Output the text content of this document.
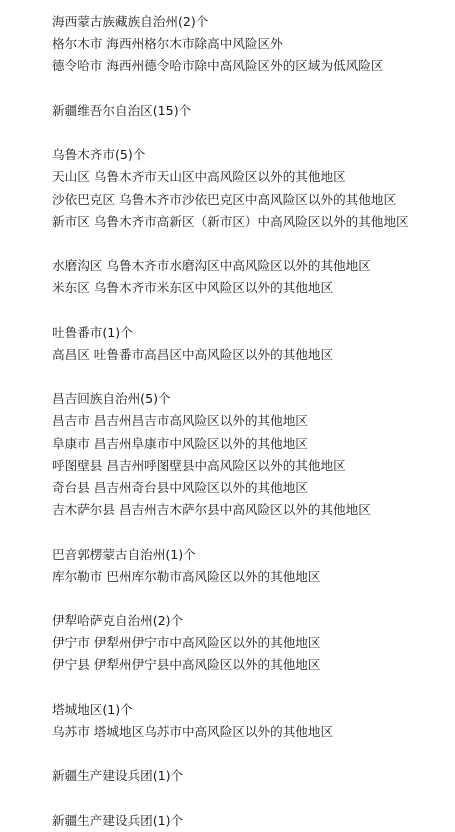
海西蒙古族藏族自治州(2)个
格尔木市 海西州格尔木市除高中风险区外
德令哈市 海西州德令哈市除中高风险区外的区域为低风险区
新疆维吾尔自治区(15)个
乌鲁木齐市(5)个
天山区 乌鲁木齐市天山区中高风险区以外的其他地区
沙依巴克区 乌鲁木齐市沙依巴克区中高风险区以外的其他地区
新市区 乌鲁木齐市高新区（新市区）中高风险区以外的其他地区
水磨沟区 乌鲁木齐市水磨沟区中高风险区以外的其他地区
米东区 乌鲁木齐市米东区中风险区以外的其他地区
吐鲁番市(1)个
高昌区 吐鲁番市高昌区中高风险区以外的其他地区
昌吉回族自治州(5)个
昌吉市 昌吉州昌吉市高风险区以外的其他地区
阜康市 昌吉州阜康市中风险区以外的其他地区
呼图壁县 昌吉州呼图壁县中高风险区以外的其他地区
奇台县 昌吉州奇台县中风险区以外的其他地区
吉木萨尔县 昌吉州吉木萨尔县中高风险区以外的其他地区
巴音郭楞蒙古自治州(1)个
库尔勒市 巴州库尔勒市高风险区以外的其他地区
伊犁哈萨克自治州(2)个
伊宁市 伊犁州伊宁市中高风险区以外的其他地区
伊宁县 伊犁州伊宁县中高风险区以外的其他地区
塔城地区(1)个
乌苏市 塔城地区乌苏市中高风险区以外的其他地区
新疆生产建设兵团(1)个
新疆生产建设兵团(1)个
